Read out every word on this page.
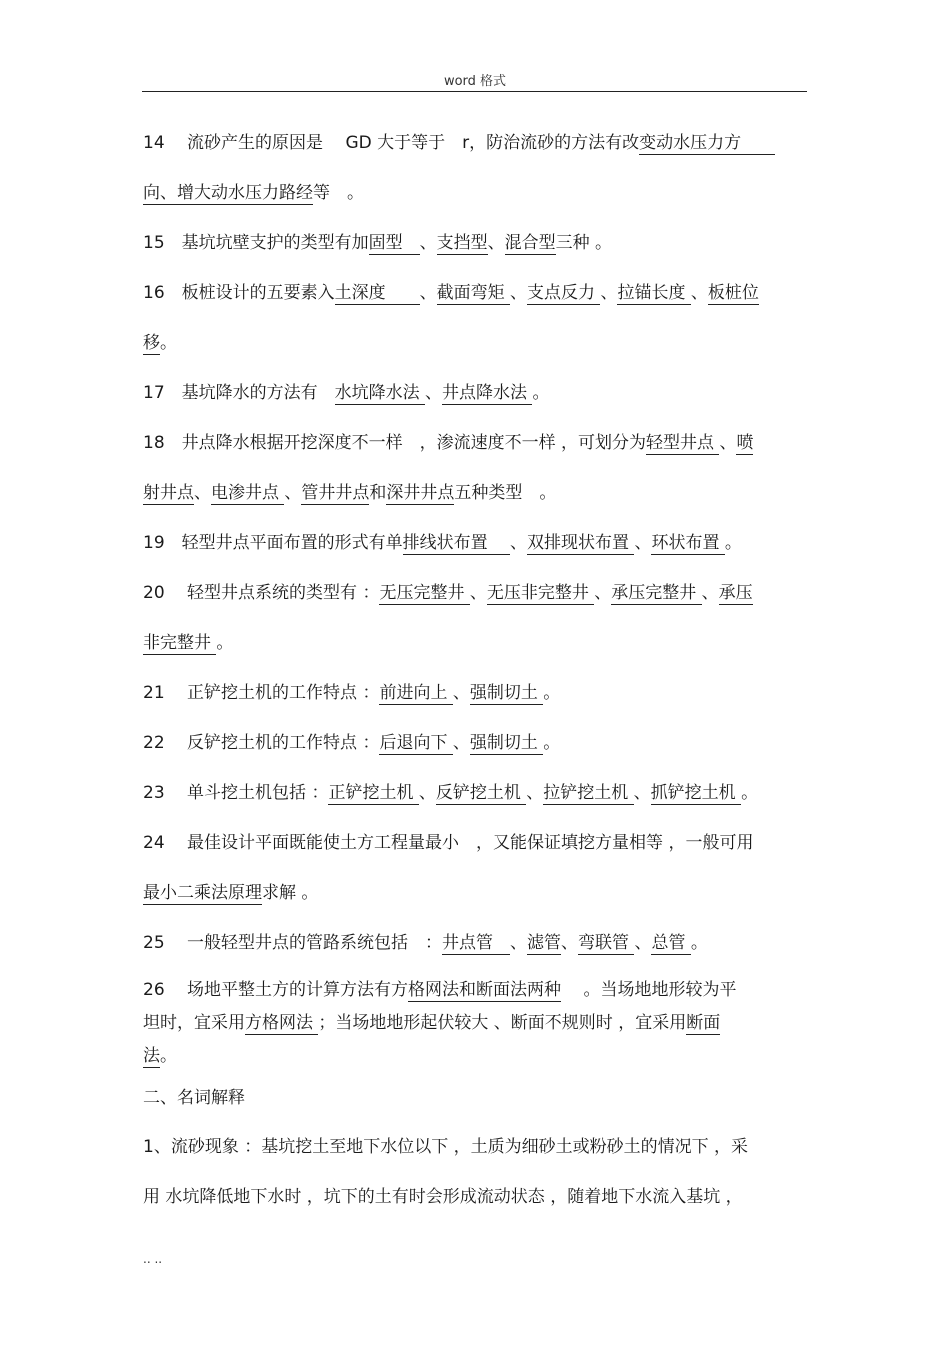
word 格式
14　 流砂产生的原因是　 GD 大于等于　r，防治流砂的方法有改变动水压力方　　
向、增大动水压力路经等　。
15　基坑坑壁支护的类型有加固型　、支挡型、混合型三种 。
16　板桩设计的五要素入土深度　　、截面弯矩 、支点反力 、拉锚长度 、板桩位
移。
17　基坑降水的方法有　水坑降水法 、井点降水法 。
18　井点降水根据开挖深度不一样　，渗流速度不一样 ，可划分为轻型井点 、喷
射井点、电渗井点 、管井井点和深井井点五种类型　。
19　轻型井点平面布置的形式有单排线状布置　 、双排现状布置 、环状布置 。
20　 轻型井点系统的类型有 ：无压完整井 、无压非完整井 、承压完整井 、承压
非完整井 。
21　 正铲挖土机的工作特点 ：前进向上 、强制切土 。
22　 反铲挖土机的工作特点 ：后退向下 、强制切土 。
23　 单斗挖土机包括 ：正铲挖土机 、反铲挖土机 、拉铲挖土机 、抓铲挖土机 。
24　 最佳设计平面既能使土方工程量最小　，又能保证填挖方量相等 ，一般可用
最小二乘法原理求解 。
25　 一般轻型井点的管路系统包括　：井点管　、滤管、弯联管 、总管 。
26　 场地平整土方的计算方法有方格网法和断面法两种　 。当场地地形较为平
坦时，宜采用方格网法 ；当场地地形起伏较大 、断面不规则时 ，宜采用断面
法。
二、名词解释
1、流砂现象 ：基坑挖土至地下水位以下 ，土质为细砂土或粉砂土的情况下 ，采
用 水坑降低地下水时 ，坑下的土有时会形成流动状态 ，随着地下水流入基坑 ，
.. ..
